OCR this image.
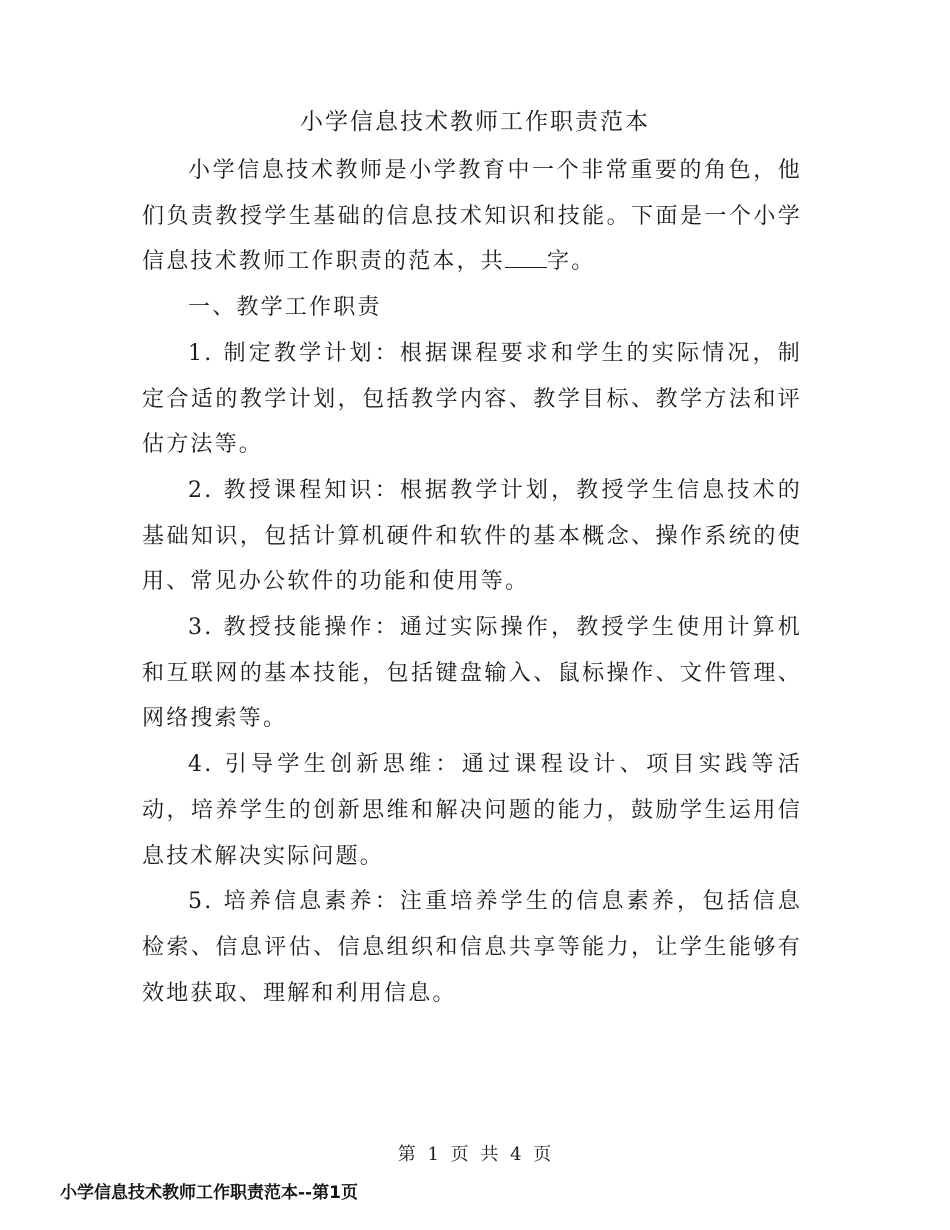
小学信息技术教师工作职责范本

小学信息技术教师是小学教育中一个非常重要的角色，他们负责教授学生基础的信息技术知识和技能。下面是一个小学信息技术教师工作职责的范本，共 字。

一、教学工作职责

1. 制定教学计划：根据课程要求和学生的实际情况，制定合适的教学计划，包括教学内容、教学目标、教学方法和评估方法等。

2. 教授课程知识：根据教学计划，教授学生信息技术的基础知识，包括计算机硬件和软件的基本概念、操作系统的使用、常见办公软件的功能和使用等。

3. 教授技能操作：通过实际操作，教授学生使用计算机和互联网的基本技能，包括键盘输入、鼠标操作、文件管理、网络搜索等。

4. 引导学生创新思维：通过课程设计、项目实践等活动，培养学生的创新思维和解决问题的能力，鼓励学生运用信息技术解决实际问题。

5. 培养信息素养：注重培养学生的信息素养，包括信息检索、信息评估、信息组织和信息共享等能力，让学生能够有效地获取、理解和利用信息。

第 1 页 共 4 页
小学信息技术教师工作职责范本--第1页
